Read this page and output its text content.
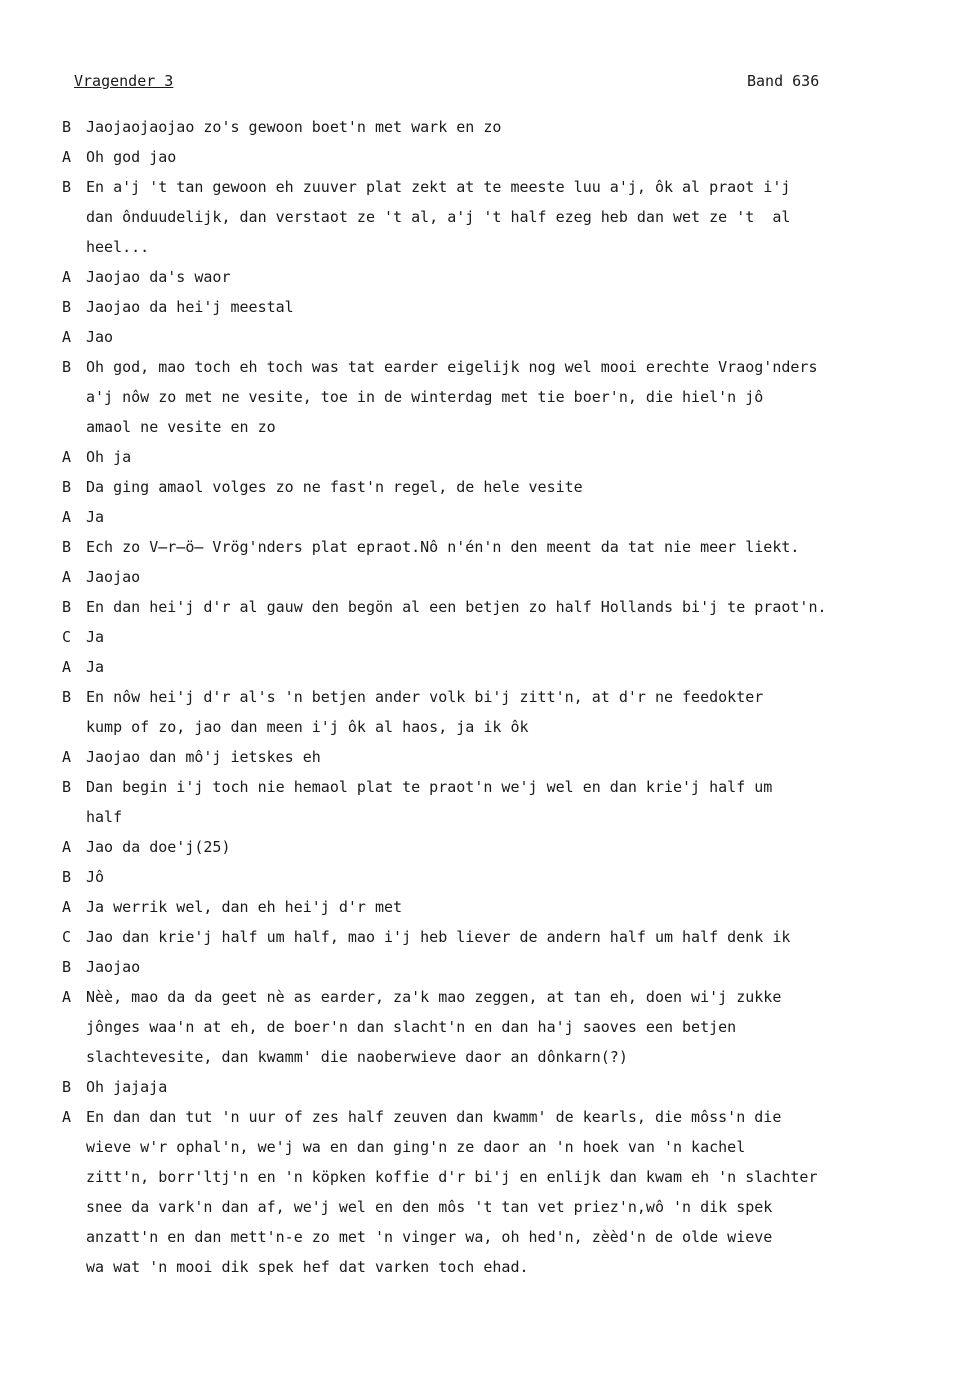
Vragender 3	Band 636
B Jaojaojaojao zo's gewoon boet'n met wark en zo
A Oh god jao
B En a'j 't tan gewoon eh zuuver plat zekt at te meeste luu a'j, ôk al praot i'j
dan ônduudelijk, dan verstaot ze 't al, a'j 't half ezeg heb dan wet ze 't  al
heel...
A Jaojao da's waor
B Jaojao da hei'j meestal
A Jao
B Oh god, mao toch eh toch was tat earder eigelijk nog wel mooi erechte Vraog'nders
a'j nôw zo met ne vesite, toe in de winterdag met tie boer'n, die hiel'n jô
amaol ne vesite en zo
A Oh ja
B Da ging amaol volges zo ne fast'n regel, de hele vesite
A Ja
B Ech zo V̶r̶ö̶ Vrög'nders plat epraot.Nô n'én'n den meent da tat nie meer liekt.
A Jaojao
B En dan hei'j d'r al gauw den begön al een betjen zo half Hollands bi'j te praot'n.
C Ja
A Ja
B En nôw hei'j d'r al's 'n betjen ander volk bi'j zitt'n, at d'r ne feedokter
kump of zo, jao dan meen i'j ôk al haos, ja ik ôk
A Jaojao dan mô'j ietskes eh
B Dan begin i'j toch nie hemaol plat te praot'n we'j wel en dan krie'j half um
half
A Jao da doe'j(25)
B Jô
A Ja werrik wel, dan eh hei'j d'r met
C Jao dan krie'j half um half, mao i'j heb liever de andern half um half denk ik
B Jaojao
A Nèè, mao da da geet nè as earder, za'k mao zeggen, at tan eh, doen wi'j zukke
jônges waa'n at eh, de boer'n dan slacht'n en dan ha'j saoves een betjen
slachtevesite, dan kwamm' die naoberwieve daor an dônkarn(?)
B Oh jajaja
A En dan dan tut 'n uur of zes half zeuven dan kwamm' de kearls, die môss'n die
wieve w'r ophal'n, we'j wa en dan ging'n ze daor an 'n hoek van 'n kachel
zitt'n, borr'ltj'n en 'n köpken koffie d'r bi'j en enlijk dan kwam eh 'n slachter
snee da vark'n dan af, we'j wel en den môs 't tan vet priez'n,wô 'n dik spek
anzatt'n en dan mett'n-e zo met 'n vinger wa, oh hed'n, zèèd'n de olde wieve
wa wat 'n mooi dik spek hef dat varken toch ehad.
